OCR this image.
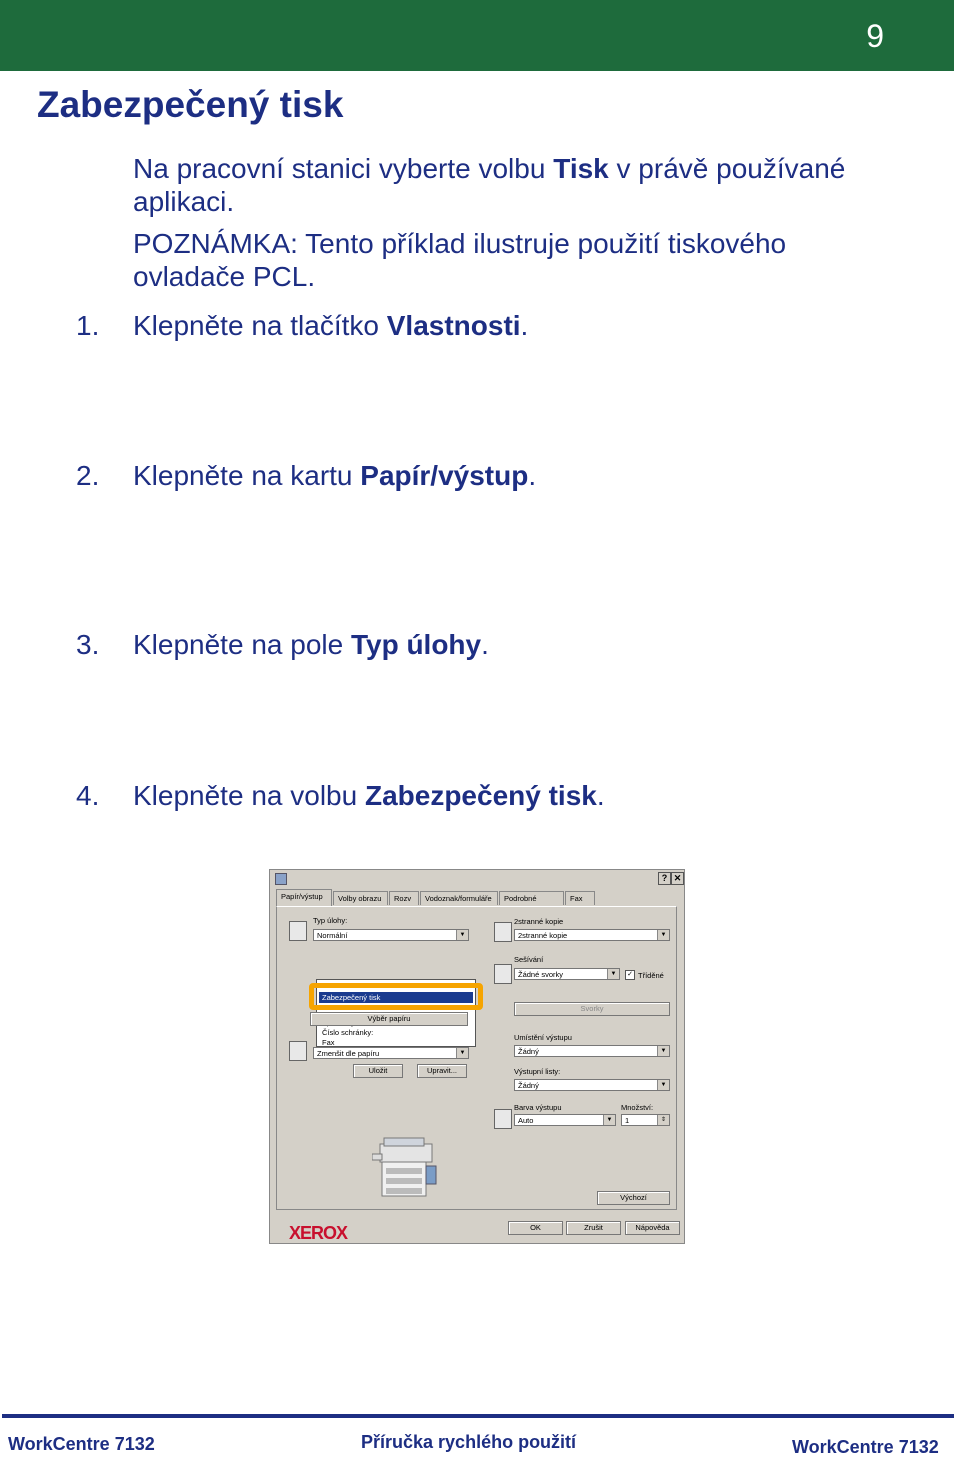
9
Zabezpečený tisk
Na pracovní stanici vyberte volbu Tisk v právě používané aplikaci.
POZNÁMKA: Tento příklad ilustruje použití tiskového ovladače PCL.
1. Klepněte na tlačítko Vlastnosti.
2. Klepněte na kartu Papír/výstup.
3. Klepněte na pole Typ úlohy.
4. Klepněte na volbu Zabezpečený tisk.
? ✕
Papír/výstup	Volby obrazu	Rozv	Vodoznak/formuláře	Podrobné	Fax
Typ úlohy:
Normální	▼
Zabezpečený tisk
Číslo schránky:
Fax
Výběr papíru
Zmenšit dle papíru	▼
Uložit	Upravit...
XEROX
2stranné kopie
2stranné kopie	▼
Sešívání
Žádné svorky	▼	✓ Tříděné
Svorky
Umístění výstupu
Žádný	▼
Výstupní listy:
Žádný	▼
Barva výstupu
Auto	▼
Množství:
1	⇕
Výchozí
OK	Zrušit	Nápověda
WorkCentre 7132	Příručka rychlého použití	WorkCentre 7132
